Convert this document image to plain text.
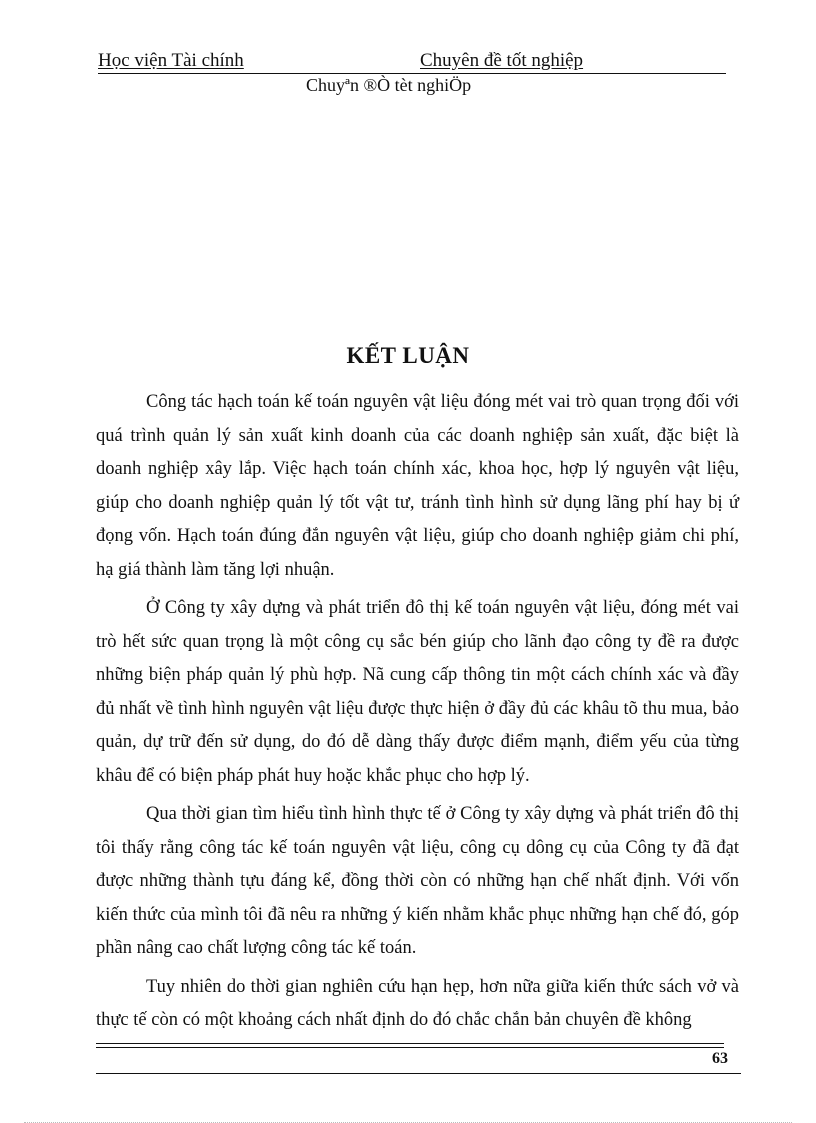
Học viện Tài chính	Chuyên đề tốt nghiệp
Chuyªn ®Ò tèt nghiÖp
KẾT LUẬN

Công tác hạch toán kế toán nguyên vật liệu đóng mét vai trò quan trọng đối với quá trình quản lý sản xuất kinh doanh của các doanh nghiệp sản xuất, đặc biệt là doanh nghiệp xây lắp. Việc hạch toán chính xác, khoa học, hợp lý nguyên vật liệu, giúp cho doanh nghiệp quản lý tốt vật tư, tránh tình hình sử dụng lãng phí hay bị ứ đọng vốn. Hạch toán đúng đắn nguyên vật liệu, giúp cho doanh nghiệp giảm chi phí, hạ giá thành làm tăng lợi nhuận.

Ở Công ty xây dựng và phát triển đô thị kế toán nguyên vật liệu, đóng mét vai trò hết sức quan trọng là một công cụ sắc bén giúp cho lãnh đạo công ty đề ra được những biện pháp quản lý phù hợp. Nã cung cấp thông tin một cách chính xác và đầy đủ nhất về tình hình nguyên vật liệu được thực hiện ở đầy đủ các khâu tõ thu mua, bảo quản, dự trữ đến sử dụng, do đó dễ dàng thấy được điểm mạnh, điểm yếu của từng khâu để có biện pháp phát huy hoặc khắc phục cho hợp lý.

Qua thời gian tìm hiểu tình hình thực tế ở Công ty xây dựng và phát triển đô thị tôi thấy rằng công tác kế toán nguyên vật liệu, công cụ dông cụ của Công ty đã đạt được những thành tựu đáng kể, đồng thời còn có những hạn chế nhất định. Với vốn kiến thức của mình tôi đã nêu ra những ý kiến nhằm khắc phục những hạn chế đó, góp phần nâng cao chất lượng công tác kế toán.

Tuy nhiên do thời gian nghiên cứu hạn hẹp, hơn nữa giữa kiến thức sách vở và thực tế còn có một khoảng cách nhất định do đó chắc chắn bản chuyên đề không

63
